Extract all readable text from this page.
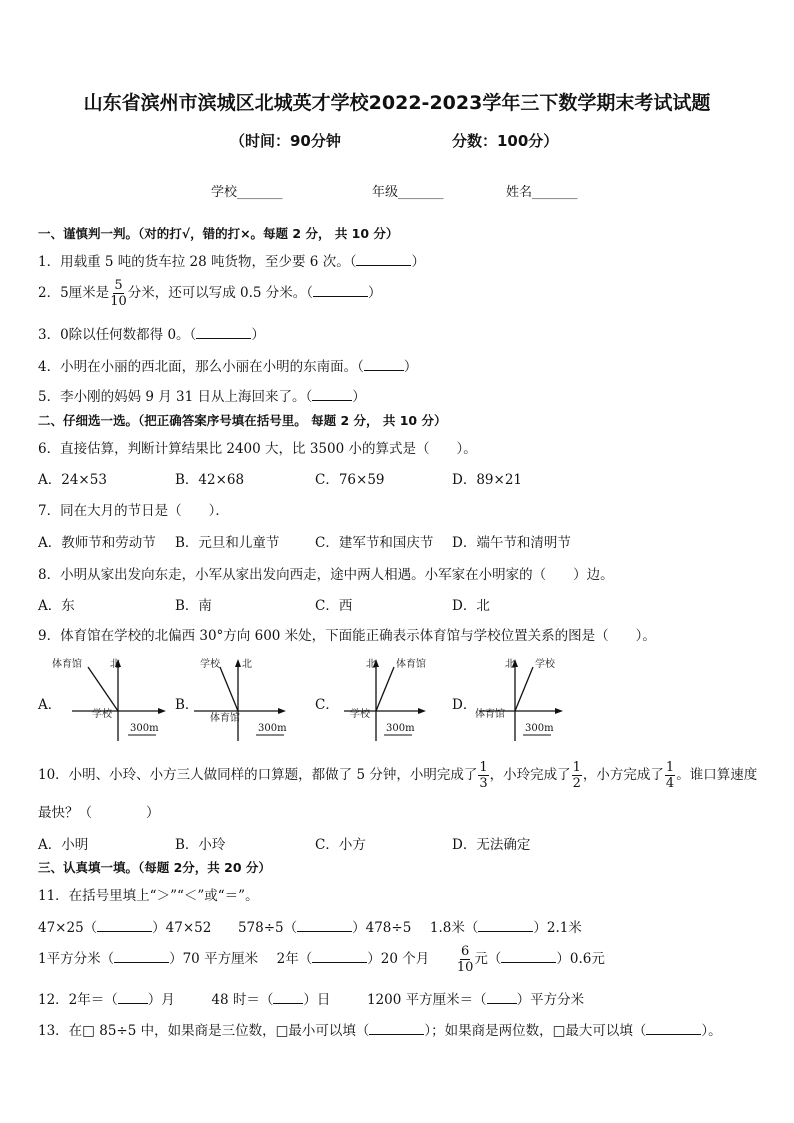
山东省滨州市滨城区北城英才学校2022-2023学年三下数学期末考试试题
（时间：90分钟	分数：100分）
学校_______	年级_______	姓名_______
一、谨慎判一判。（对的打√，错的打×。每题 2 分， 共 10 分）
1．用载重 5 吨的货车拉 28 吨货物，至少要 6 次。（	）
2．5厘米是 $\frac{5}{10}$ 分米，还可以写成 0.5 分米。（	）
3．0除以任何数都得 0。（	）
4．小明在小丽的西北面，那么小丽在小明的东南面。（	）
5．李小刚的妈妈 9 月 31 日从上海回来了。（	）
二、仔细选一选。（把正确答案序号填在括号里。 每题 2 分， 共 10 分）
6．直接估算，判断计算结果比 2400 大，比 3500 小的算式是（　　）。
A．24×53	B．42×68	C．76×59	D．89×21
7．同在大月的节日是（　　）．
A．教师节和劳动节 B．元旦和儿童节	C．建军节和国庆节 D．端午节和清明节
8．小明从家出发向东走，小军从家出发向西走，途中两人相遇。小军家在小明家的（　　）边。
A．东	B．南	C．西	D．北
9．体育馆在学校的北偏西 30°方向 600 米处，下面能正确表示体育馆与学校位置关系的图是（　　）。
A．	B．	C．	D．
体育馆	北
学校
300m
学校 北
体育馆
300m
北 体育馆
学校
300m
北 学校
体育馆
300m
10．小明、小玲、小方三人做同样的口算题，都做了 5 分钟，小明完成了 $\frac{1}{3}$ ，小玲完成了 $\frac{1}{2}$ ，小方完成了 $\frac{1}{4}$ 。谁口算速度
最快？（　　　　）
A．小明	B．小玲	C．小方	D．无法确定
三、认真填一填。（每题 2分，共 20 分）
11．在括号里填上“＞”“＜”或“＝”。
47×25（	）47×52 578÷5（	）478÷5 1.8米（	）2.1米
1平方分米（	）70 平方厘米 2年（	）20 个月 $\frac{6}{10}$ 元（	）0.6元
12．2年＝（ ）月	48 时＝（ ）日	1200 平方厘米＝（ ）平方分米
13．在□ 85÷5 中，如果商是三位数，□最小可以填（	）；如果商是两位数，□最大可以填（	）。
